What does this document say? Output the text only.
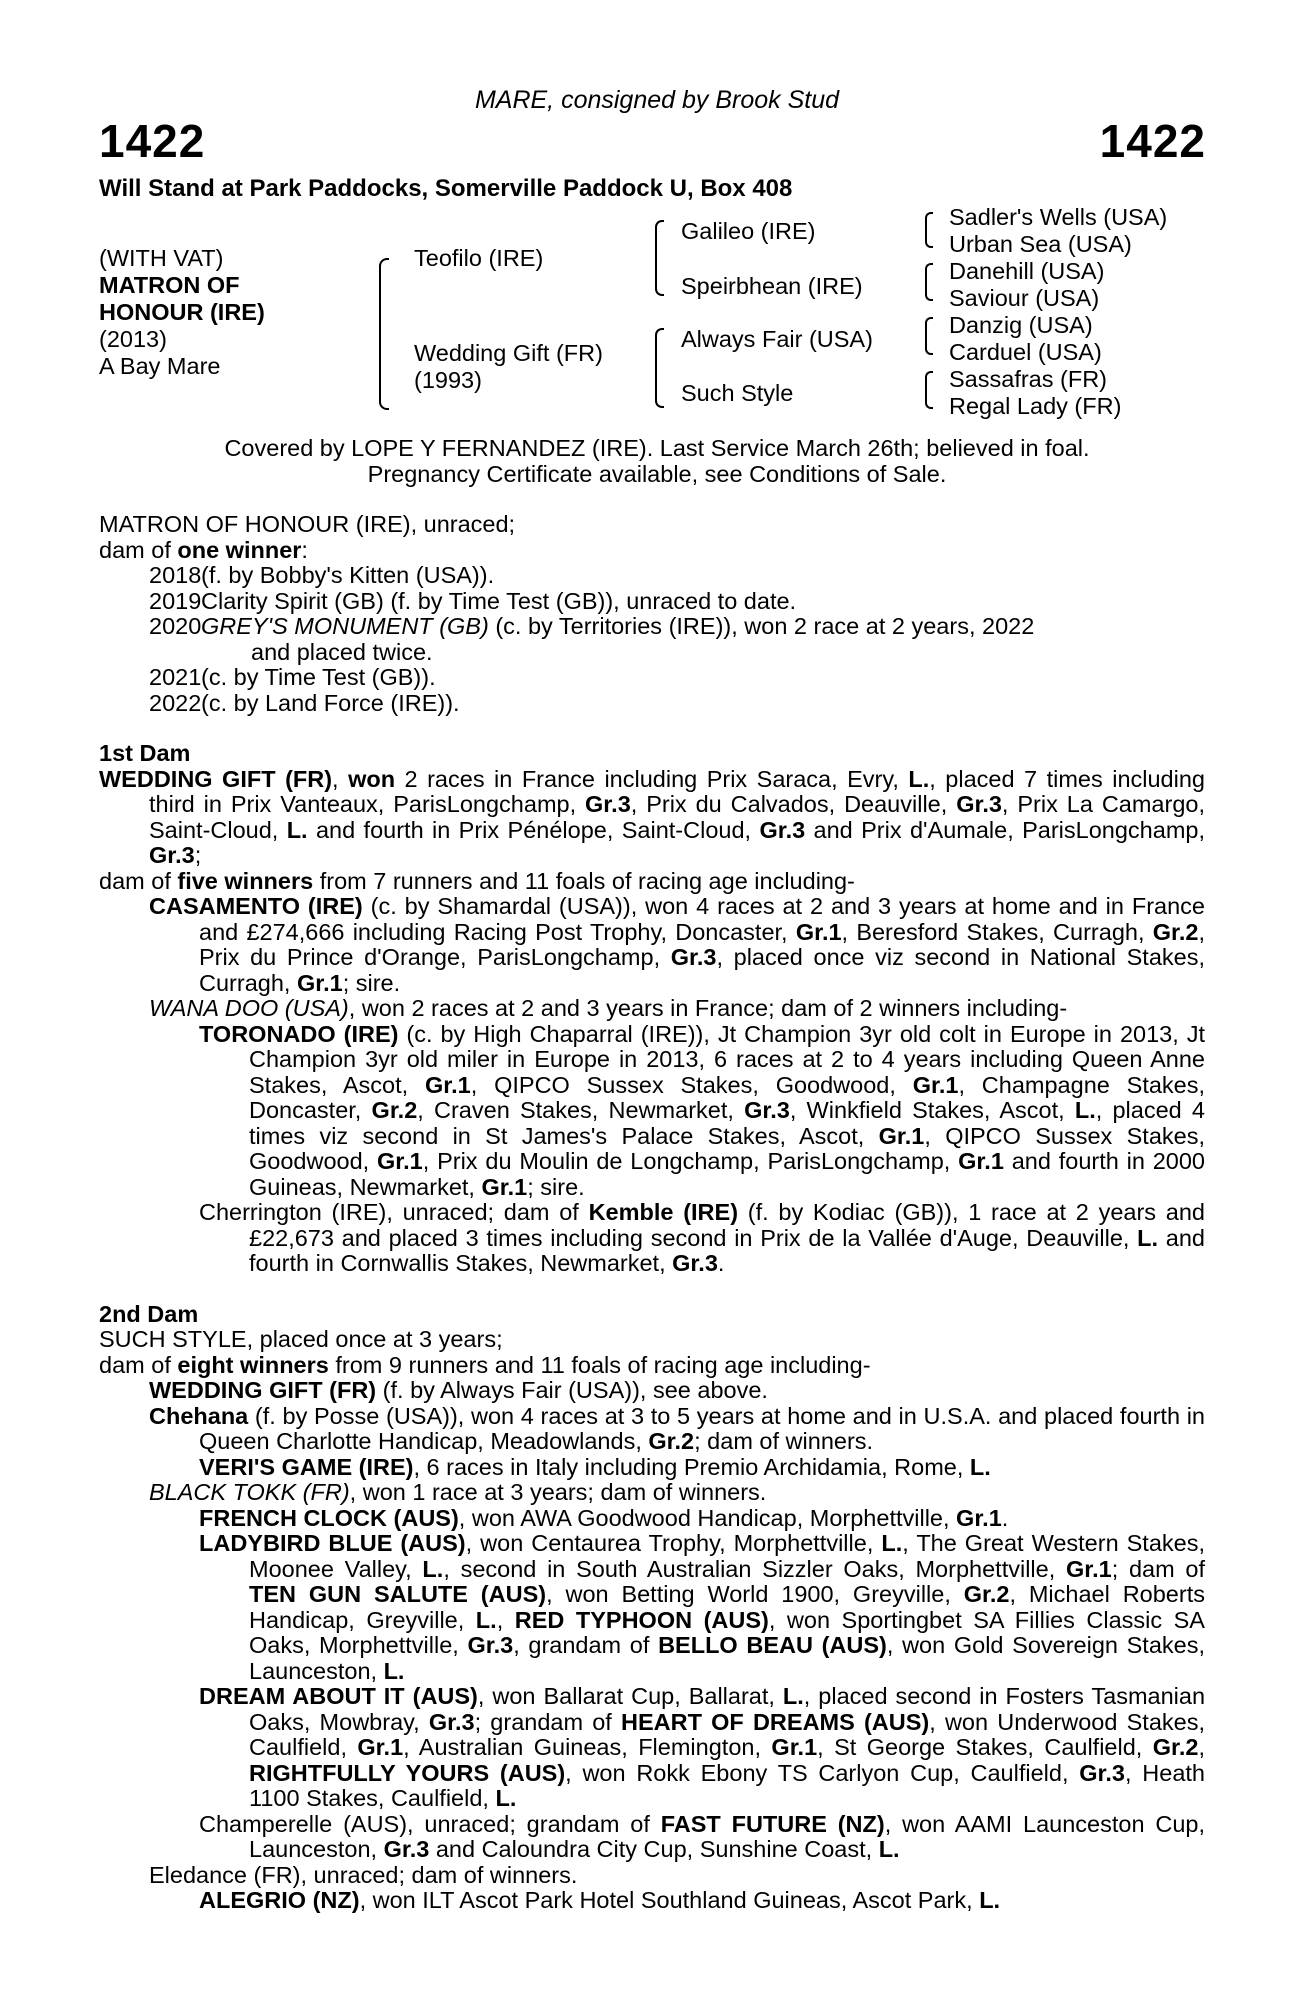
MARE, consigned by Brook Stud
1422	1422
Will Stand at Park Paddocks, Somerville Paddock U, Box 408
(WITH VAT)
MATRON OF
HONOUR (IRE)
(2013)
A Bay Mare
Teofilo (IRE)
Wedding Gift (FR)
(1993)
Galileo (IRE)
Speirbhean (IRE)
Always Fair (USA)
Such Style
Sadler's Wells (USA)
Urban Sea (USA)
Danehill (USA)
Saviour (USA)
Danzig (USA)
Carduel (USA)
Sassafras (FR)
Regal Lady (FR)
Covered by LOPE Y FERNANDEZ (IRE). Last Service March 26th; believed in foal.
Pregnancy Certificate available, see Conditions of Sale.

MATRON OF HONOUR (IRE), unraced;

dam of one winner:

2018 (f. by Bobby's Kitten (USA)).
2019 Clarity Spirit (GB) (f. by Time Test (GB)), unraced to date.
2020 GREY'S MONUMENT (GB) (c. by Territories (IRE)), won 2 race at 2 years, 2022
and placed twice.
2021 (c. by Time Test (GB)).
2022 (c. by Land Force (IRE)).

1st Dam

WEDDING GIFT (FR), won 2 races in France including Prix Saraca, Evry, L., placed 7 times including third in Prix Vanteaux, ParisLongchamp, Gr.3, Prix du Calvados, Deauville, Gr.3, Prix La Camargo, Saint-Cloud, L. and fourth in Prix Pénélope, Saint-Cloud, Gr.3 and Prix d'Aumale, ParisLongchamp, Gr.3;

dam of five winners from 7 runners and 11 foals of racing age including-

CASAMENTO (IRE) (c. by Shamardal (USA)), won 4 races at 2 and 3 years at home and in France and £274,666 including Racing Post Trophy, Doncaster, Gr.1, Beresford Stakes, Curragh, Gr.2, Prix du Prince d'Orange, ParisLongchamp, Gr.3, placed once viz second in National Stakes, Curragh, Gr.1; sire.

WANA DOO (USA), won 2 races at 2 and 3 years in France; dam of 2 winners including-

TORONADO (IRE) (c. by High Chaparral (IRE)), Jt Champion 3yr old colt in Europe in 2013, Jt Champion 3yr old miler in Europe in 2013, 6 races at 2 to 4 years including Queen Anne Stakes, Ascot, Gr.1, QIPCO Sussex Stakes, Goodwood, Gr.1, Champagne Stakes, Doncaster, Gr.2, Craven Stakes, Newmarket, Gr.3, Winkfield Stakes, Ascot, L., placed 4 times viz second in St James's Palace Stakes, Ascot, Gr.1, QIPCO Sussex Stakes, Goodwood, Gr.1, Prix du Moulin de Longchamp, ParisLongchamp, Gr.1 and fourth in 2000 Guineas, Newmarket, Gr.1; sire.

Cherrington (IRE), unraced; dam of Kemble (IRE) (f. by Kodiac (GB)), 1 race at 2 years and £22,673 and placed 3 times including second in Prix de la Vallée d'Auge, Deauville, L. and fourth in Cornwallis Stakes, Newmarket, Gr.3.

2nd Dam

SUCH STYLE, placed once at 3 years;

dam of eight winners from 9 runners and 11 foals of racing age including-

WEDDING GIFT (FR) (f. by Always Fair (USA)), see above.

Chehana (f. by Posse (USA)), won 4 races at 3 to 5 years at home and in U.S.A. and placed fourth in Queen Charlotte Handicap, Meadowlands, Gr.2; dam of winners.

VERI'S GAME (IRE), 6 races in Italy including Premio Archidamia, Rome, L.

BLACK TOKK (FR), won 1 race at 3 years; dam of winners.

FRENCH CLOCK (AUS), won AWA Goodwood Handicap, Morphettville, Gr.1.

LADYBIRD BLUE (AUS), won Centaurea Trophy, Morphettville, L., The Great Western Stakes, Moonee Valley, L., second in South Australian Sizzler Oaks, Morphettville, Gr.1; dam of TEN GUN SALUTE (AUS), won Betting World 1900, Greyville, Gr.2, Michael Roberts Handicap, Greyville, L., RED TYPHOON (AUS), won Sportingbet SA Fillies Classic SA Oaks, Morphettville, Gr.3, grandam of BELLO BEAU (AUS), won Gold Sovereign Stakes, Launceston, L.

DREAM ABOUT IT (AUS), won Ballarat Cup, Ballarat, L., placed second in Fosters Tasmanian Oaks, Mowbray, Gr.3; grandam of HEART OF DREAMS (AUS), won Underwood Stakes, Caulfield, Gr.1, Australian Guineas, Flemington, Gr.1, St George Stakes, Caulfield, Gr.2, RIGHTFULLY YOURS (AUS), won Rokk Ebony TS Carlyon Cup, Caulfield, Gr.3, Heath 1100 Stakes, Caulfield, L.

Champerelle (AUS), unraced; grandam of FAST FUTURE (NZ), won AAMI Launceston Cup, Launceston, Gr.3 and Caloundra City Cup, Sunshine Coast, L.

Eledance (FR), unraced; dam of winners.

ALEGRIO (NZ), won ILT Ascot Park Hotel Southland Guineas, Ascot Park, L.
